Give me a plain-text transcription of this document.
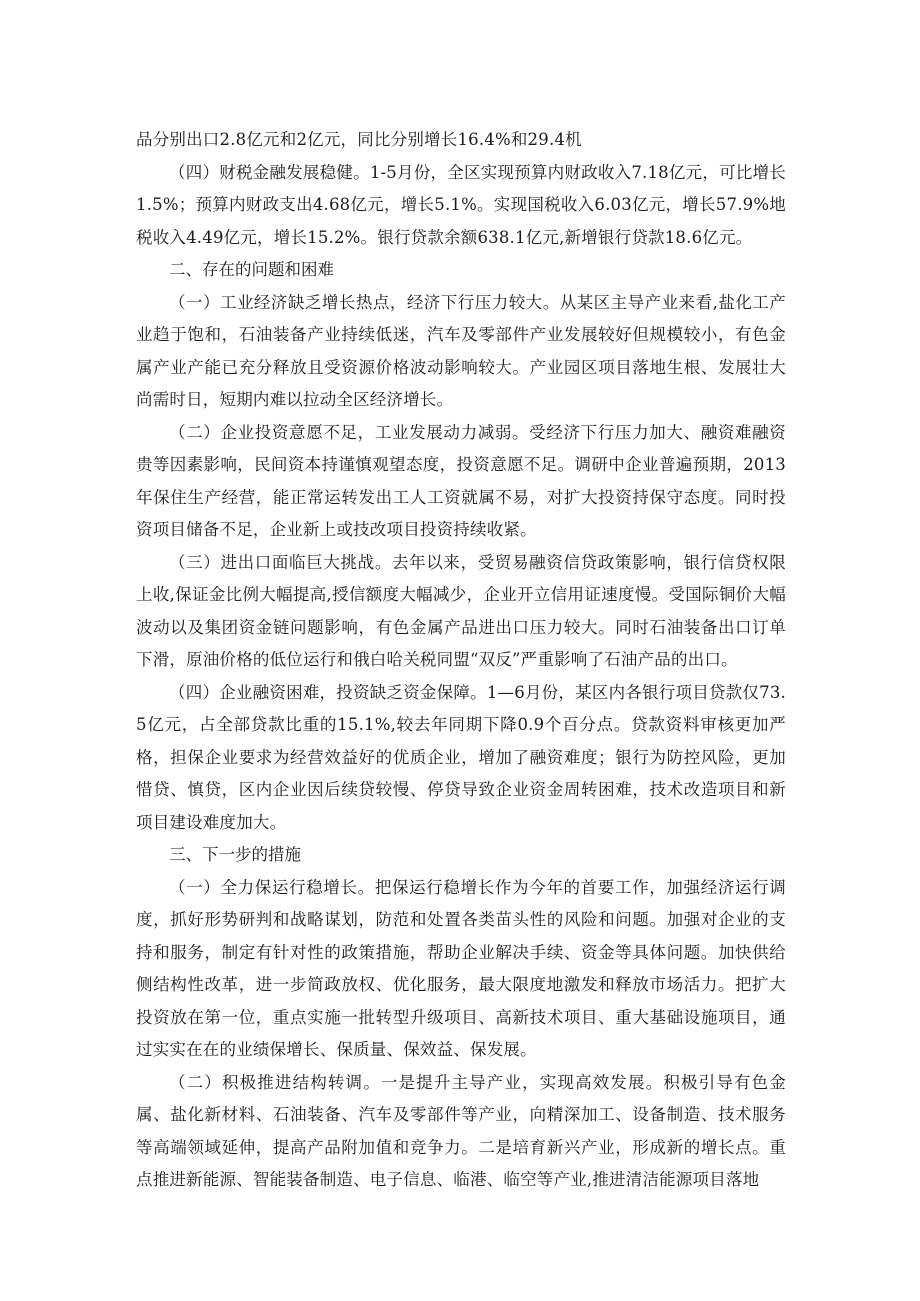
品分别出口2.8亿元和2亿元，同比分别增长16.4%和29.4机

（四）财税金融发展稳健。1-5月份，全区实现预算内财政收入7.18亿元，可比增长1.5%；预算内财政支出4.68亿元，增长5.1%。实现国税收入6.03亿元，增长57.9%地税收入4.49亿元，增长15.2%。银行贷款余额638.1亿元,新增银行贷款18.6亿元。

二、存在的问题和困难

（一）工业经济缺乏增长热点，经济下行压力较大。从某区主导产业来看,盐化工产业趋于饱和，石油装备产业持续低迷，汽车及零部件产业发展较好但规模较小，有色金属产业产能已充分释放且受资源价格波动影响较大。产业园区项目落地生根、发展壮大尚需时日，短期内难以拉动全区经济增长。

（二）企业投资意愿不足，工业发展动力减弱。受经济下行压力加大、融资难融资贵等因素影响，民间资本持谨慎观望态度，投资意愿不足。调研中企业普遍预期，2013年保住生产经营，能正常运转发出工人工资就属不易，对扩大投资持保守态度。同时投资项目储备不足，企业新上或技改项目投资持续收紧。

（三）进出口面临巨大挑战。去年以来，受贸易融资信贷政策影响，银行信贷权限上收,保证金比例大幅提高,授信额度大幅减少，企业开立信用证速度慢。受国际铜价大幅波动以及集团资金链问题影响，有色金属产品进出口压力较大。同时石油装备出口订单下滑，原油价格的低位运行和俄白哈关税同盟“双反”严重影响了石油产品的出口。

（四）企业融资困难，投资缺乏资金保障。1—6月份，某区内各银行项目贷款仅73.5亿元，占全部贷款比重的15.1%,较去年同期下降0.9个百分点。贷款资料审核更加严格，担保企业要求为经营效益好的优质企业，增加了融资难度；银行为防控风险，更加惜贷、慎贷，区内企业因后续贷较慢、停贷导致企业资金周转困难，技术改造项目和新项目建设难度加大。

三、下一步的措施

（一）全力保运行稳增长。把保运行稳增长作为今年的首要工作，加强经济运行调度，抓好形势研判和战略谋划，防范和处置各类苗头性的风险和问题。加强对企业的支持和服务，制定有针对性的政策措施，帮助企业解决手续、资金等具体问题。加快供给侧结构性改革，进一步简政放权、优化服务，最大限度地激发和释放市场活力。把扩大投资放在第一位，重点实施一批转型升级项目、高新技术项目、重大基础设施项目，通过实实在在的业绩保增长、保质量、保效益、保发展。

（二）积极推进结构转调。一是提升主导产业，实现高效发展。积极引导有色金属、盐化新材料、石油装备、汽车及零部件等产业，向精深加工、设备制造、技术服务等高端领域延伸，提高产品附加值和竞争力。二是培育新兴产业，形成新的增长点。重点推进新能源、智能装备制造、电子信息、临港、临空等产业,推进清洁能源项目落地
